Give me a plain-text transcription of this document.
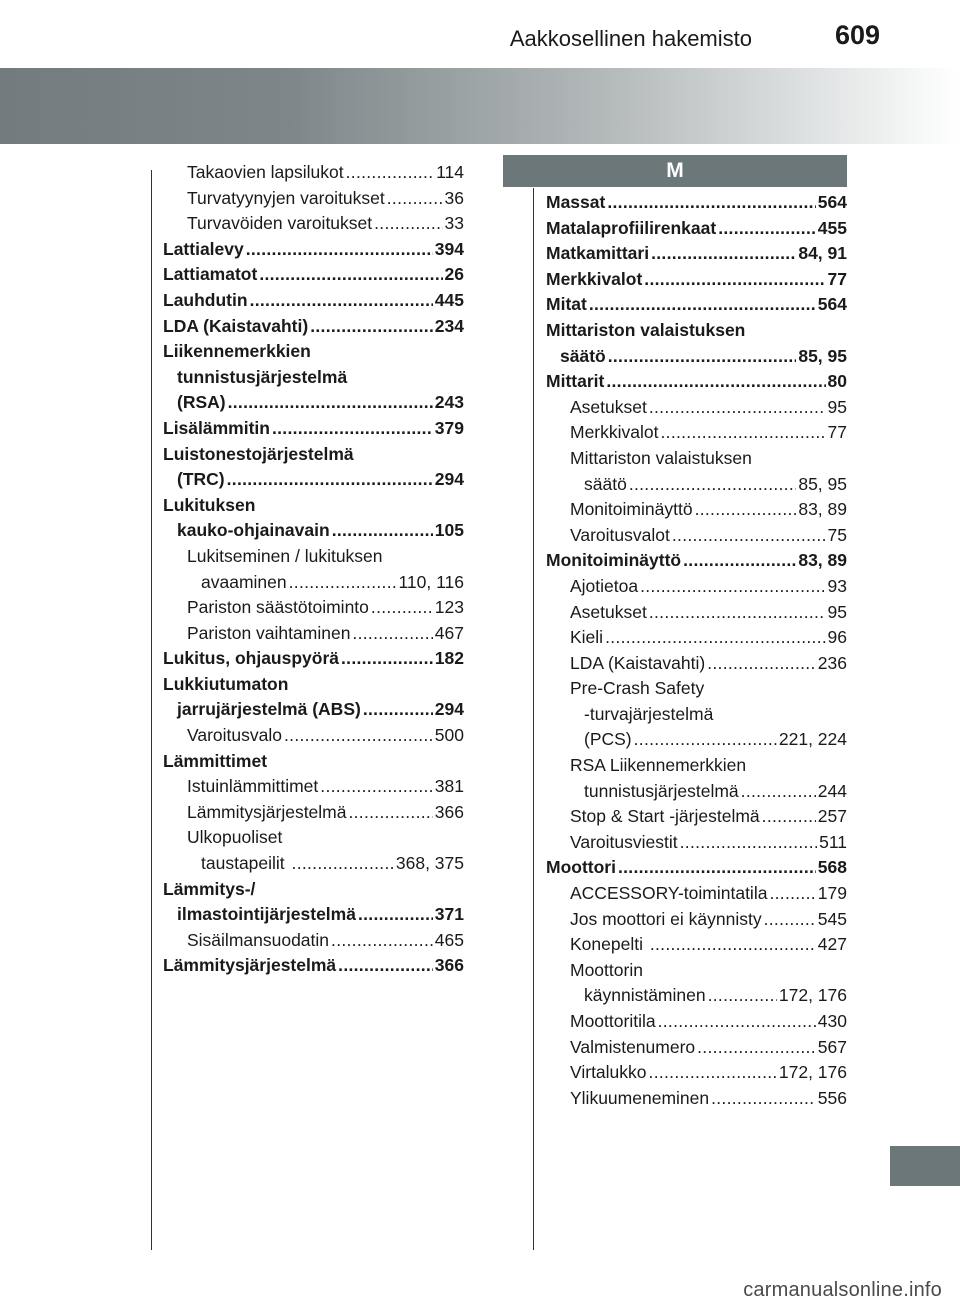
Aakkosellinen hakemisto	609
Takaovien lapsilukot .....	114
Turvatyynyjen varoitukset .....	36
Turvavöiden varoitukset .....	33
Lattialevy .....	394
Lattiamatot .....	26
Lauhdutin .....	445
LDA (Kaistavahti) .....	234
Liikennemerkkien
tunnistusjärjestelmä
(RSA) .....	243
Lisälämmitin .....	379
Luistonestojärjestelmä
(TRC) .....	294
Lukituksen
kauko-ohjainavain .....	105
Lukitseminen / lukituksen
avaaminen .....	110, 116
Pariston säästötoiminto .....	123
Pariston vaihtaminen .....	467
Lukitus, ohjauspyörä .....	182
Lukkiutumaton
jarrujärjestelmä (ABS) .....	294
Varoitusvalo .....	500
Lämmittimet
Istuinlämmittimet .....	381
Lämmitysjärjestelmä .....	366
Ulkopuoliset
taustapeilit .....	368, 375
Lämmitys-/
ilmastointijärjestelmä .....	371
Sisäilmansuodatin .....	465
Lämmitysjärjestelmä .....	366
M
Massat .....	564
Matalaprofiilirenkaat .....	455
Matkamittari .....	84, 91
Merkkivalot .....	77
Mitat .....	564
Mittariston valaistuksen
säätö .....	85, 95
Mittarit .....	80
Asetukset .....	95
Merkkivalot .....	77
Mittariston valaistuksen
säätö .....	85, 95
Monitoiminäyttö .....	83, 89
Varoitusvalot .....	75
Monitoiminäyttö .....	83, 89
Ajotietoa .....	93
Asetukset .....	95
Kieli .....	96
LDA (Kaistavahti) .....	236
Pre-Crash Safety
-turvajärjestelmä
(PCS) .....	221, 224
RSA Liikennemerkkien
tunnistusjärjestelmä .....	244
Stop & Start -järjestelmä .....	257
Varoitusviestit .....	511
Moottori .....	568
ACCESSORY-toimintatila .....	179
Jos moottori ei käynnisty .....	545
Konepelti .....	427
Moottorin
käynnistäminen .....	172, 176
Moottoritila .....	430
Valmistenumero .....	567
Virtalukko .....	172, 176
Ylikuumeneminen .....	556
carmanualsonline.info
